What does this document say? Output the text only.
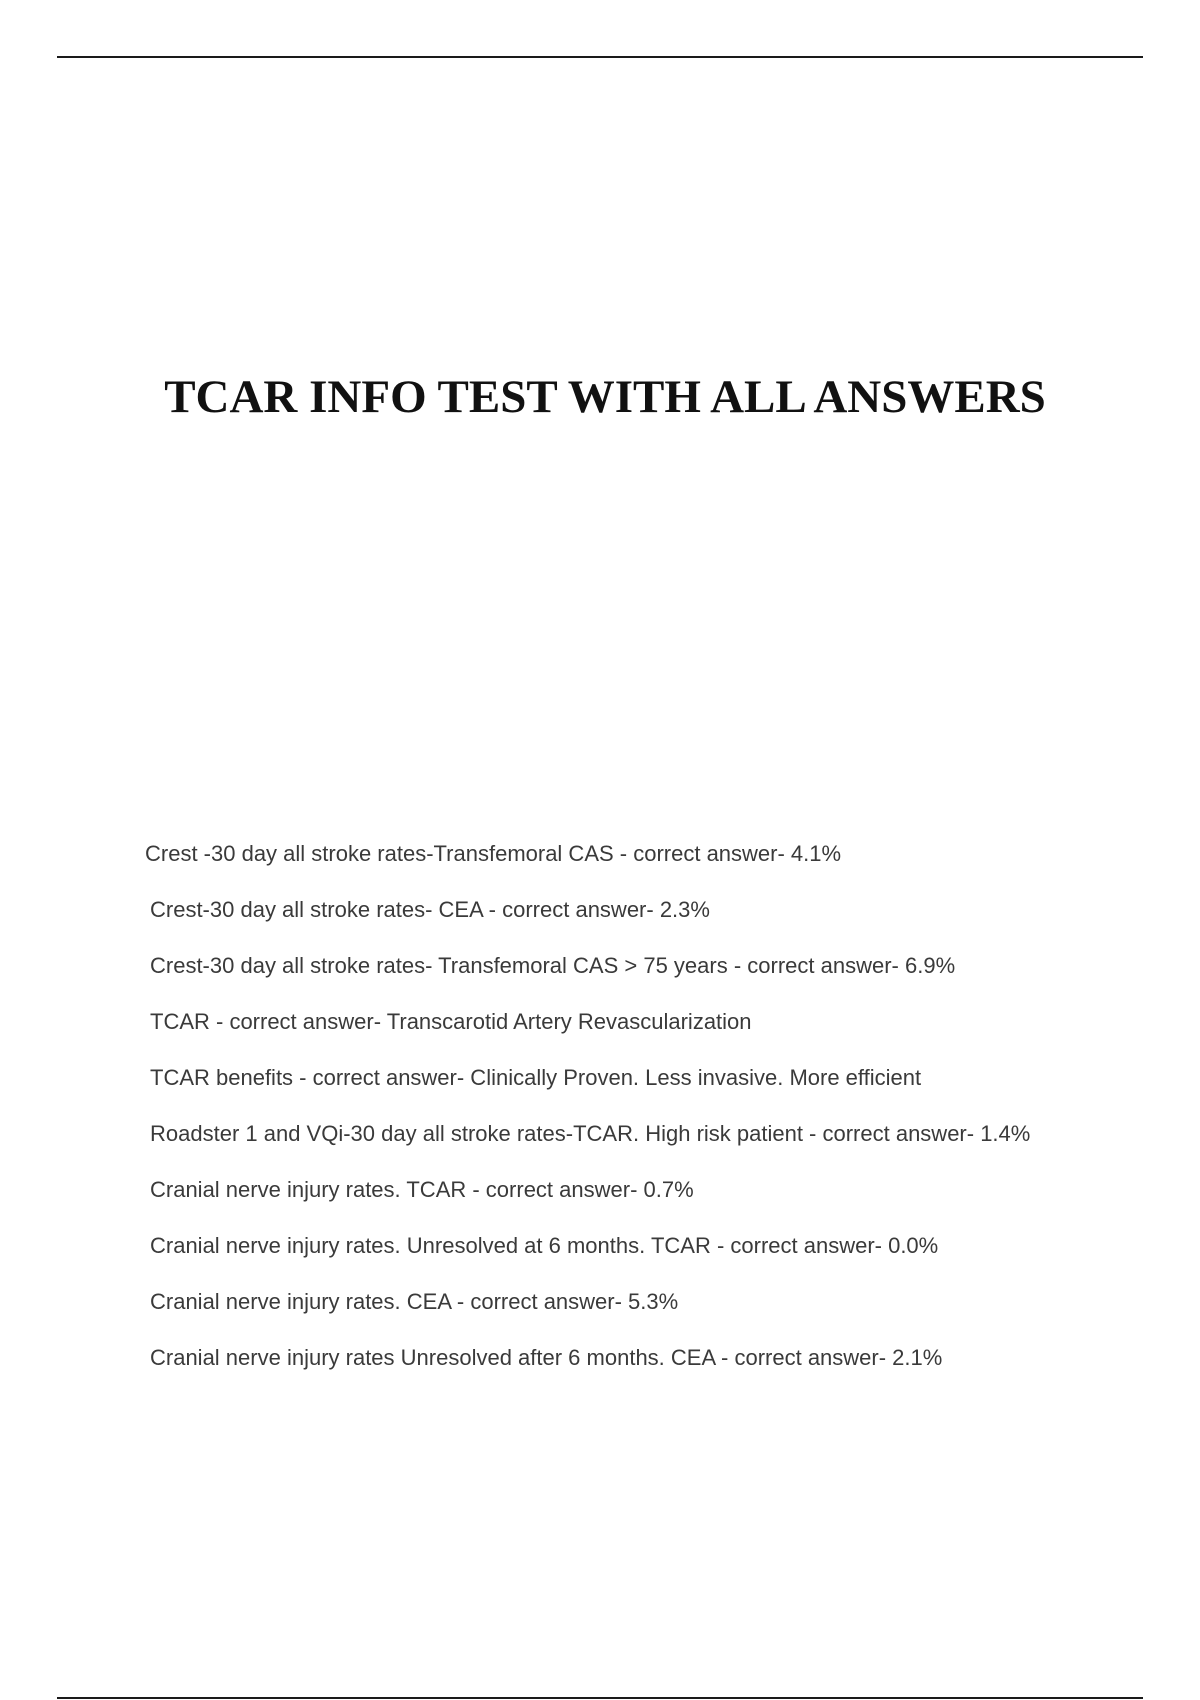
TCAR INFO TEST WITH ALL ANSWERS
Crest -30 day all stroke rates-Transfemoral CAS - correct answer- 4.1%
Crest-30 day all stroke rates- CEA - correct answer- 2.3%
Crest-30 day all stroke rates- Transfemoral CAS > 75 years - correct answer- 6.9%
TCAR - correct answer- Transcarotid Artery Revascularization
TCAR benefits - correct answer- Clinically Proven. Less invasive. More efficient
Roadster 1 and VQi-30 day all stroke rates-TCAR. High risk patient - correct answer- 1.4%
Cranial nerve injury rates. TCAR - correct answer- 0.7%
Cranial nerve injury rates. Unresolved at 6 months. TCAR - correct answer- 0.0%
Cranial nerve injury rates. CEA - correct answer- 5.3%
Cranial nerve injury rates Unresolved after 6 months. CEA - correct answer- 2.1%
